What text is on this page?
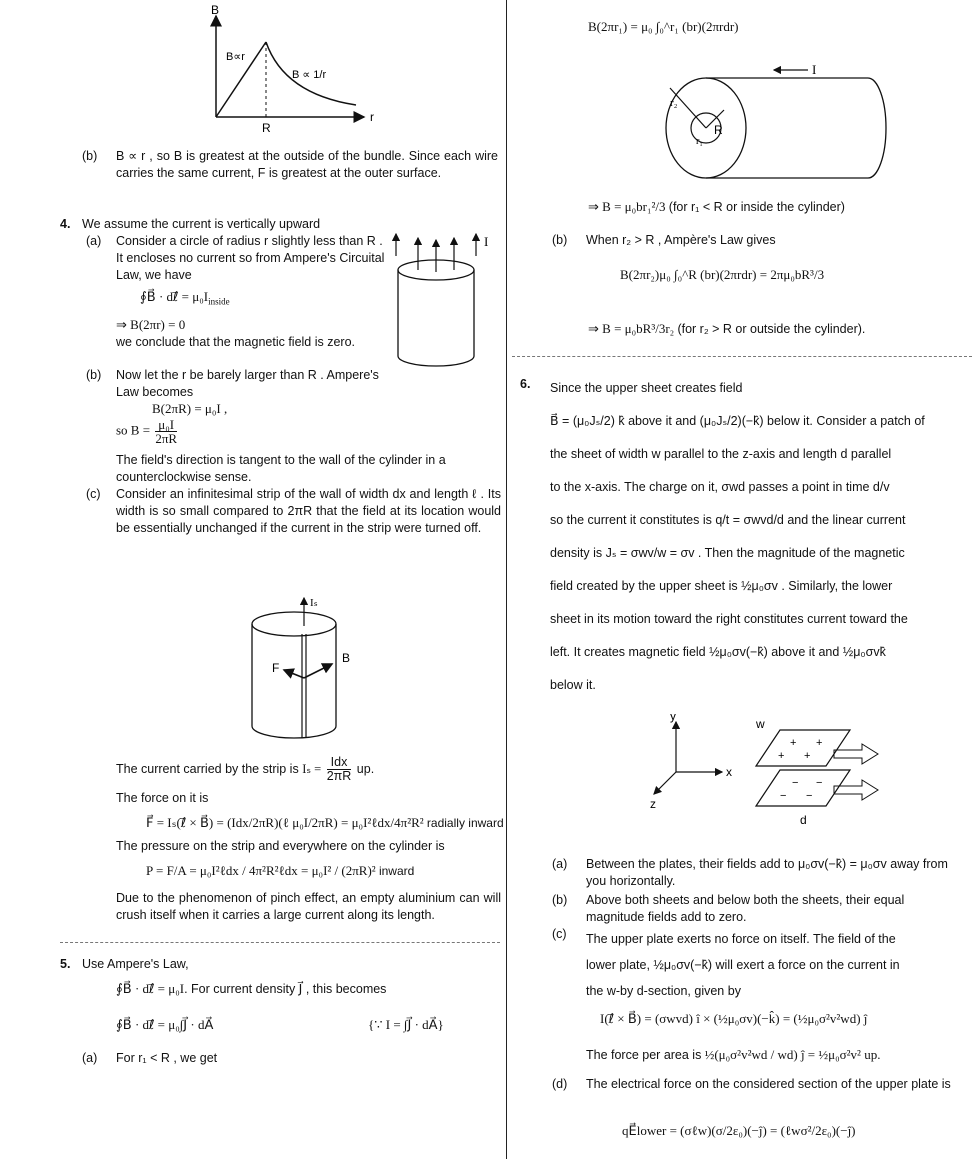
B
r
R
B∝r
B ∝ 1/r
(b) B ∝ r , so B is greatest at the outside of the bundle. Since each wire carries the same current, F is greatest at the outer surface.
4. We assume the current is vertically upward
(a) Consider a circle of radius r slightly less than R . It encloses no current so from Ampere's Circuital Law, we have
∮B⃗ · dℓ⃗ = $\mu_0I_{inside}$
⇒ B(2πr) = 0
we conclude that the magnetic field is zero.
(b) Now let the r be barely larger than R . Ampere's Law becomes
B(2πR) = μ₀I ,
so $B = \frac{\text{μ₀I}}{2\pi R}$
The field's direction is tangent to the wall of the cylinder in a counterclockwise sense.
I
(c) Consider an infinitesimal strip of the wall of width dx and length ℓ . Its width is so small compared to 2πR that the field at its location would be essentially unchanged if the current in the strip were turned off.
Iₛ
F
B
The current carried by the strip is $I_s = \frac{\text{Idx}}{2\pi R}$ up.
The force on it is
F⃗ = Iₛ(ℓ⃗ × B⃗) = (Idx/2πR)(ℓ μ₀I/2πR) = μ₀I²ℓdx/4π²R² radially inward
The pressure on the strip and everywhere on the cylinder is
P = F/A = μ₀I²ℓdx / 4π²R²ℓdx = μ₀I² / (2πR)² inward
Due to the phenomenon of pinch effect, an empty aluminium can will crush itself when it carries a large current along its length.
5. Use Ampere's Law,
∮B⃗ · dℓ⃗ = μ₀I. For current density J⃗ , this becomes
∮B⃗ · dℓ⃗ = μ₀∫J⃗ · dA⃗	{∵ I = ∫J⃗ · dA⃗}
(a) For r₁ < R , we get
B(2πr₁) = μ₀ ∫₀^r₁ (br)(2πrdr)
I
r₂
R
r₁
⇒ B = μ₀br₁²/3 (for r₁ < R or inside the cylinder)
(b) When r₂ > R , Ampère's Law gives
B(2πr₂)μ₀ ∫₀^R (br)(2πrdr) = 2πμ₀bR³/3
⇒ B = μ₀bR³/3r₂ (for r₂ > R or outside the cylinder).
6. Since the upper sheet creates field
B⃗ = (μ₀Jₛ/2) k̂ above it and (μ₀Jₛ/2)(−k̂) below it. Consider a patch of
the sheet of width w parallel to the z-axis and length d parallel
to the x-axis. The charge on it, σwd passes a point in time d/v
so the current it constitutes is q/t = σwvd/d and the linear current
density is Jₛ = σwv/w = σv . Then the magnitude of the magnetic
field created by the upper sheet is ½μ₀σv . Similarly, the lower
sheet in its motion toward the right constitutes current toward the
left. It creates magnetic field ½μ₀σv(−k̂) above it and ½μ₀σvk̂
below it.
y
x
z
+ +
+ +
− −
− −
w
d
(a) Between the plates, their fields add to μ₀σv(−k̂) = μ₀σv away from you horizontally.
(b) Above both sheets and below both the sheets, their equal magnitude fields add to zero.
(c) The upper plate exerts no force on itself. The field of the
lower plate, ½μ₀σv(−k̂) will exert a force on the current in
the w-by d-section, given by
I(ℓ⃗ × B⃗) = (σwvd) î × (½μ₀σv)(−k̂) = (½μ₀σ²v²wd) ĵ
The force per area is ½(μ₀σ²v²wd / wd) ĵ = ½μ₀σ²v² up.
(d) The electrical force on the considered section of the upper plate is
qE⃗lower = (σℓw)(σ/2ε₀)(−ĵ) = (ℓwσ²/2ε₀)(−ĵ)
